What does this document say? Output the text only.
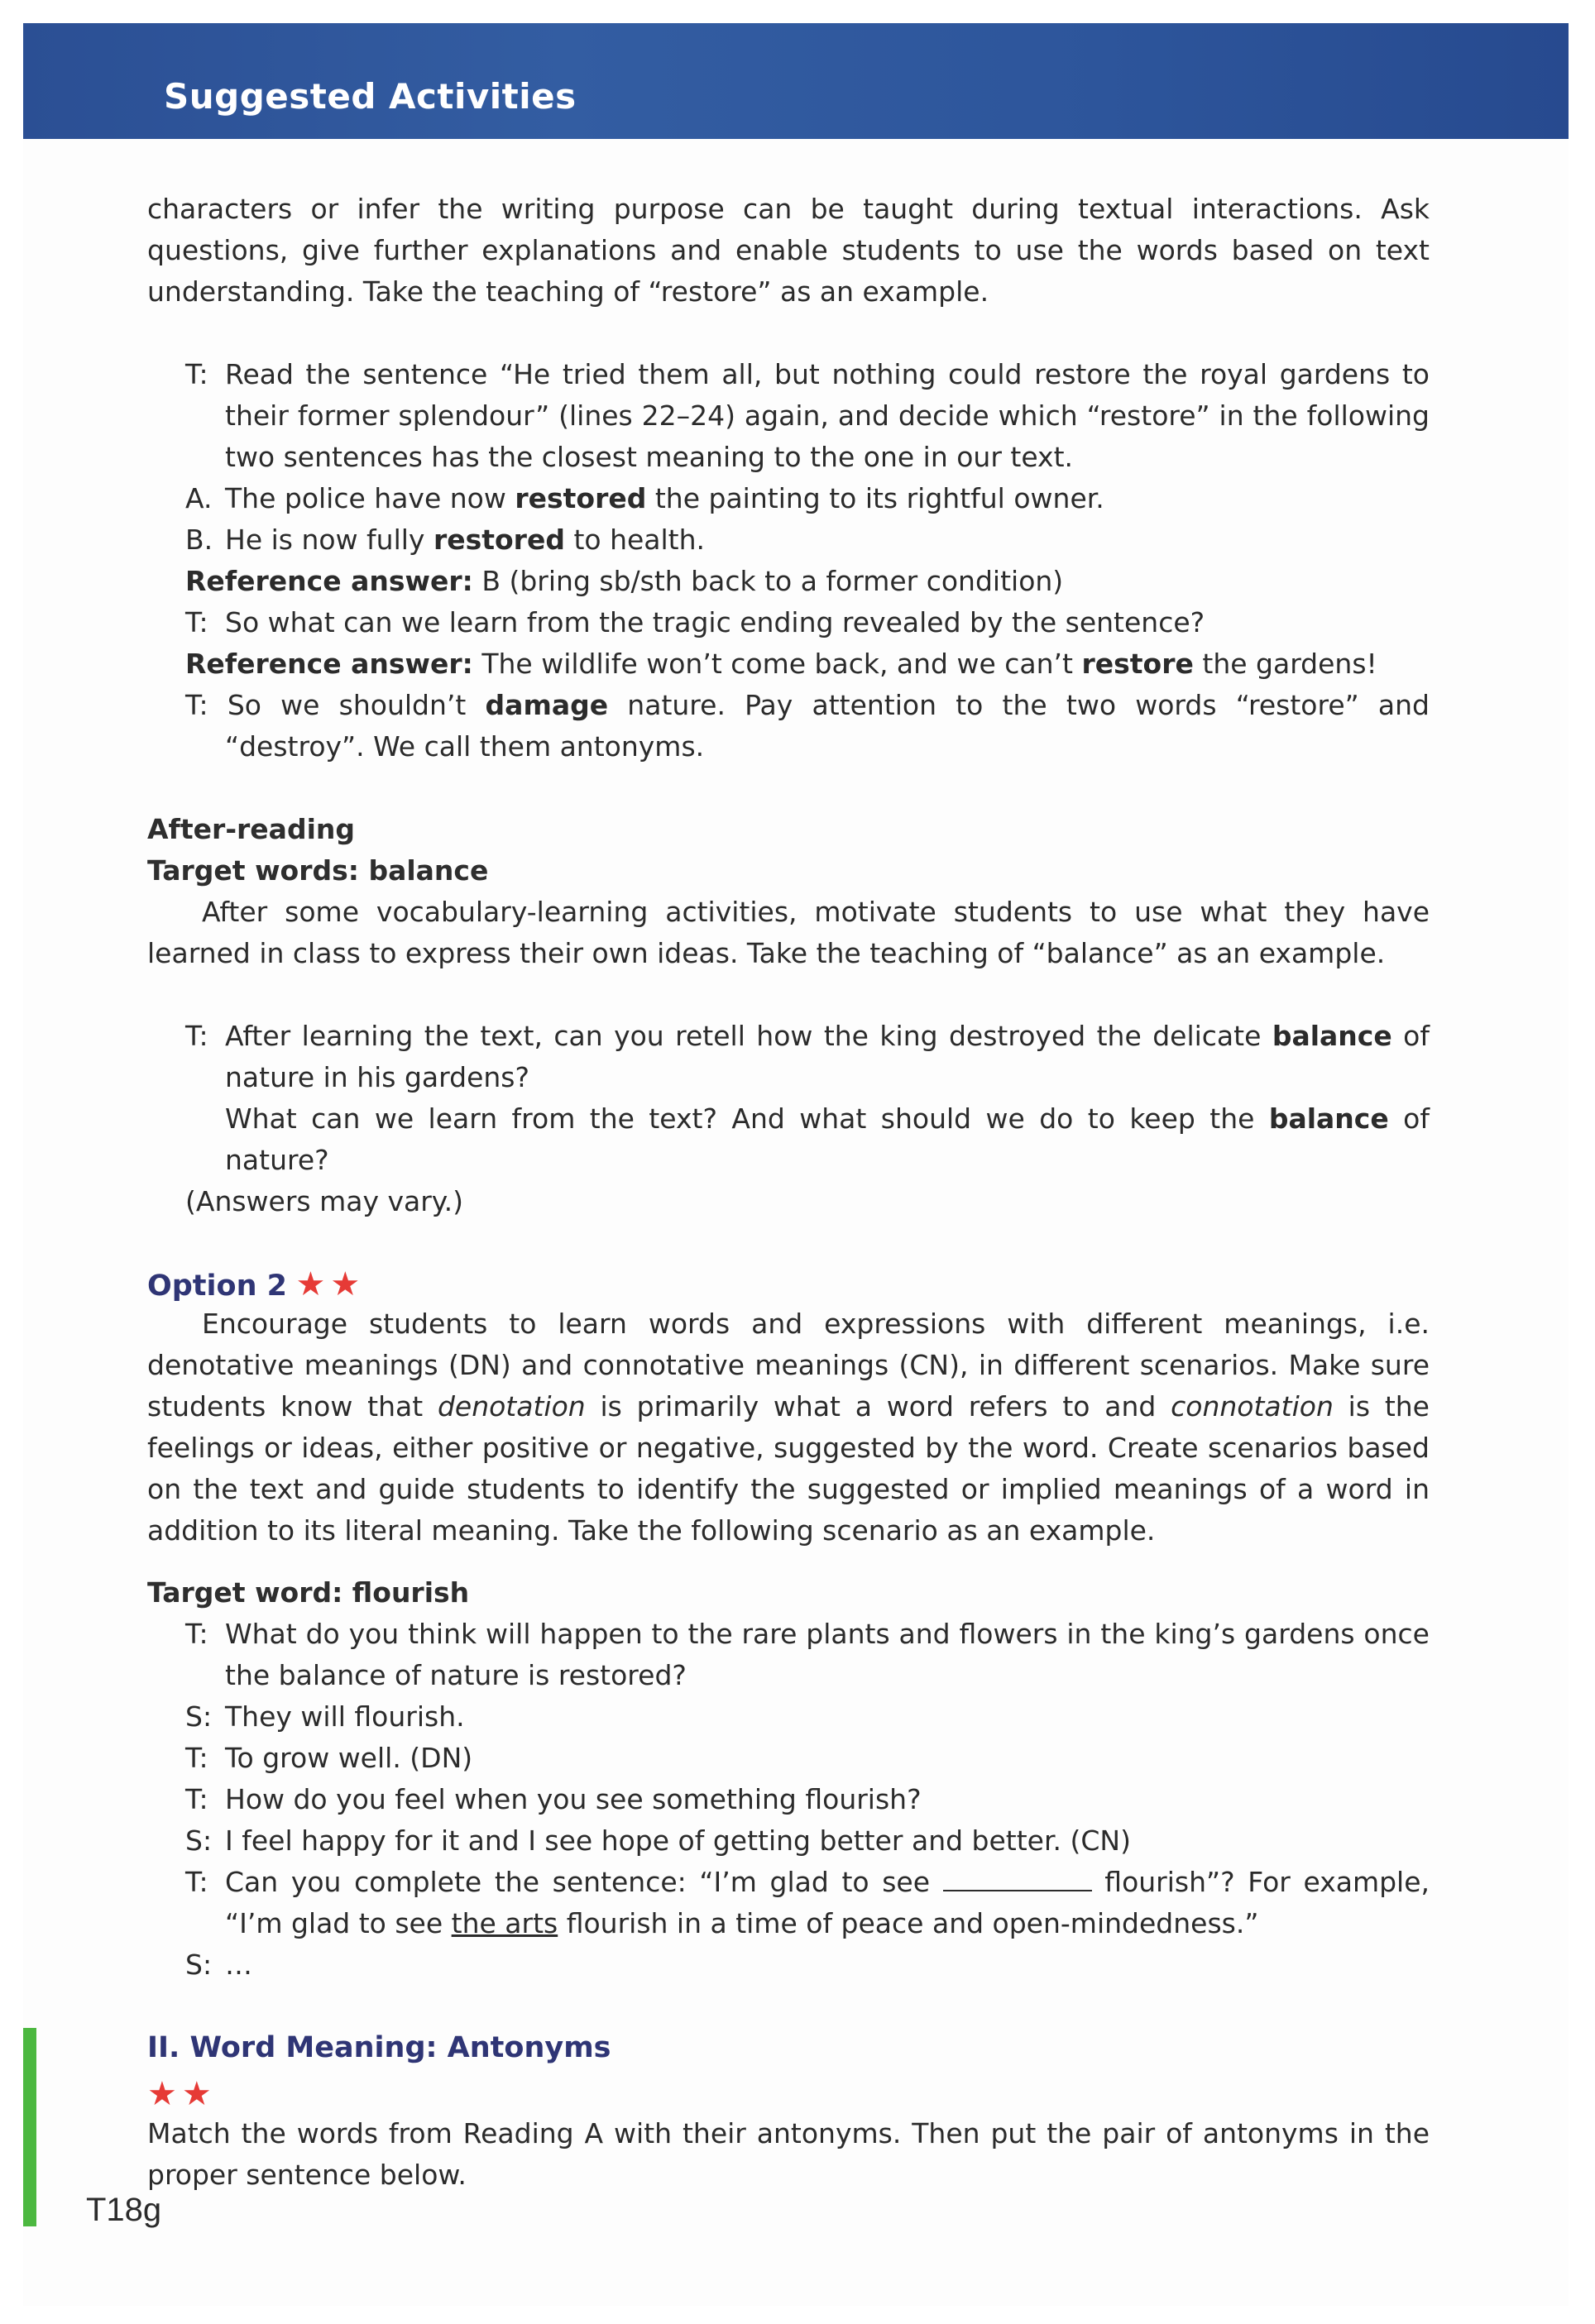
Suggested Activities

characters or infer the writing purpose can be taught during textual interactions. Ask questions, give further explanations and enable students to use the words based on text understanding. Take the teaching of “restore” as an example.

T: Read the sentence “He tried them all, but nothing could restore the royal gardens to their former splendour” (lines 22–24) again, and decide which “restore” in the following two sentences has the closest meaning to the one in our text.
A. The police have now restored the painting to its rightful owner.
B. He is now fully restored to health.
Reference answer: B (bring sb/sth back to a former condition)
T: So what can we learn from the tragic ending revealed by the sentence?
Reference answer: The wildlife won’t come back, and we can’t restore the gardens!
T: So we shouldn’t damage nature. Pay attention to the two words “restore” and “destroy”. We call them antonyms.
After-reading
Target words: balance

After some vocabulary-learning activities, motivate students to use what they have learned in class to express their own ideas. Take the teaching of “balance” as an example.

T: After learning the text, can you retell how the king destroyed the delicate balance of nature in his gardens?
What can we learn from the text? And what should we do to keep the balance of nature?
(Answers may vary.)
Option 2 ★★

Encourage students to learn words and expressions with different meanings, i.e. denotative meanings (DN) and connotative meanings (CN), in different scenarios. Make sure students know that denotation is primarily what a word refers to and connotation is the feelings or ideas, either positive or negative, suggested by the word. Create scenarios based on the text and guide students to identify the suggested or implied meanings of a word in addition to its literal meaning. Take the following scenario as an example.

Target word: flourish
T: What do you think will happen to the rare plants and flowers in the king’s gardens once the balance of nature is restored?
S: They will flourish.
T: To grow well. (DN)
T: How do you feel when you see something flourish?
S: I feel happy for it and I see hope of getting better and better. (CN)
T: Can you complete the sentence: “I’m glad to see	flourish”? For example, “I’m glad to see the arts flourish in a time of peace and open-mindedness.”
S: …
II. Word Meaning: Antonyms
★★

Match the words from Reading A with their antonyms. Then put the pair of antonyms in the proper sentence below.

T18g
